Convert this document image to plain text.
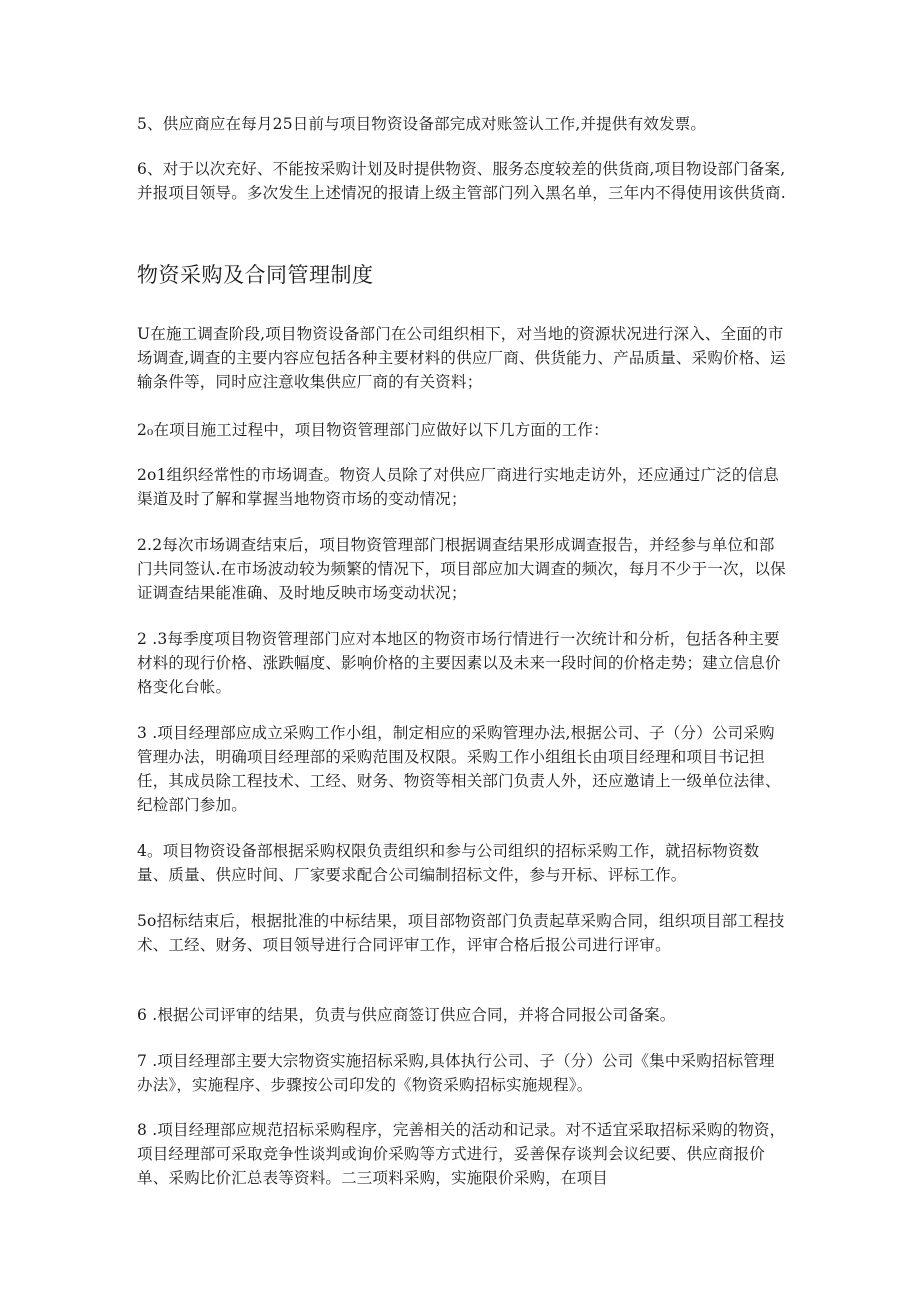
5、供应商应在每月25日前与项目物资设备部完成对账签认工作,并提供有效发票。

6、对于以次充好、不能按采购计划及时提供物资、服务态度较差的供货商,项目物设部门备案,并报项目领导。多次发生上述情况的报请上级主管部门列入黑名单，三年内不得使用该供货商.

物资采购及合同管理制度

U在施工调查阶段,项目物资设备部门在公司组织相下，对当地的资源状况进行深入、全面的市场调查,调查的主要内容应包括各种主要材料的供应厂商、供货能力、产品质量、采购价格、运输条件等，同时应注意收集供应厂商的有关资料；

2₀在项目施工过程中，项目物资管理部门应做好以下几方面的工作：

2o1组织经常性的市场调查。物资人员除了对供应厂商进行实地走访外，还应通过广泛的信息渠道及时了解和掌握当地物资市场的变动情况；

2.2每次市场调查结束后，项目物资管理部门根据调查结果形成调查报告，并经参与单位和部门共同签认.在市场波动较为频繁的情况下，项目部应加大调查的频次，每月不少于一次，以保证调查结果能准确、及时地反映市场变动状况；

2 .3每季度项目物资管理部门应对本地区的物资市场行情进行一次统计和分析，包括各种主要材料的现行价格、涨跌幅度、影响价格的主要因素以及未来一段时间的价格走势；建立信息价格变化台帐。

3 .项目经理部应成立采购工作小组，制定相应的采购管理办法,根据公司、子（分）公司采购管理办法，明确项目经理部的采购范围及权限。采购工作小组组长由项目经理和项目书记担任，其成员除工程技术、工经、财务、物资等相关部门负责人外，还应邀请上一级单位法律、纪检部门参加。

4。项目物资设备部根据采购权限负责组织和参与公司组织的招标采购工作，就招标物资数量、质量、供应时间、厂家要求配合公司编制招标文件，参与开标、评标工作。

5o招标结束后，根据批准的中标结果，项目部物资部门负责起草采购合同，组织项目部工程技术、工经、财务、项目领导进行合同评审工作，评审合格后报公司进行评审。

6 .根据公司评审的结果，负责与供应商签订供应合同，并将合同报公司备案。

7 .项目经理部主要大宗物资实施招标采购,具体执行公司、子（分）公司《集中采购招标管理办法》，实施程序、步骤按公司印发的《物资采购招标实施规程》。

8 .项目经理部应规范招标采购程序，完善相关的活动和记录。对不适宜采取招标采购的物资，项目经理部可采取竞争性谈判或询价采购等方式进行，妥善保存谈判会议纪要、供应商报价单、采购比价汇总表等资料。二三项料采购，实施限价采购，在项目
